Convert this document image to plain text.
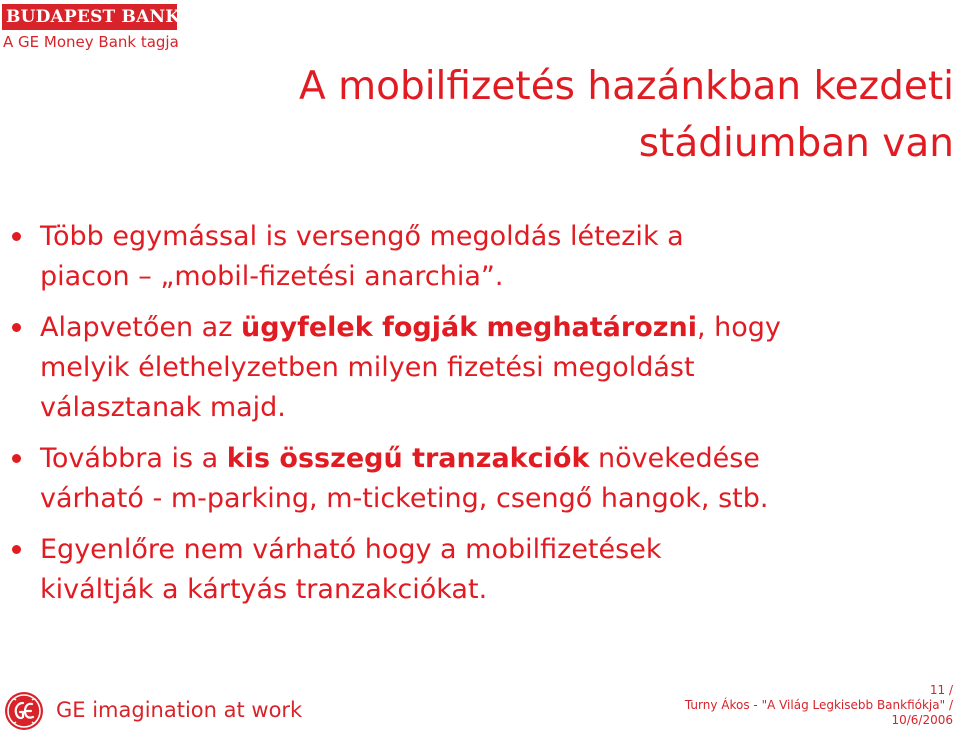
BUDAPEST BANK
A GE Money Bank tagja
A mobilfizetés hazánkban kezdeti
stádiumban van
Több egymással is versengő megoldás létezik a
piacon – „mobil-fizetési anarchia”.
Alapvetően az ügyfelek fogják meghatározni, hogy
melyik élethelyzetben milyen fizetési megoldást
választanak majd.
Továbbra is a kis összegű tranzakciók növekedése
várható - m-parking, m-ticketing, csengő hangok, stb.
Egyenlőre nem várható hogy a mobilfizetések
kiváltják a kártyás tranzakciókat.
GE imagination at work
11 /
Turny Ákos - "A Világ Legkisebb Bankfiókja" /
10/6/2006
